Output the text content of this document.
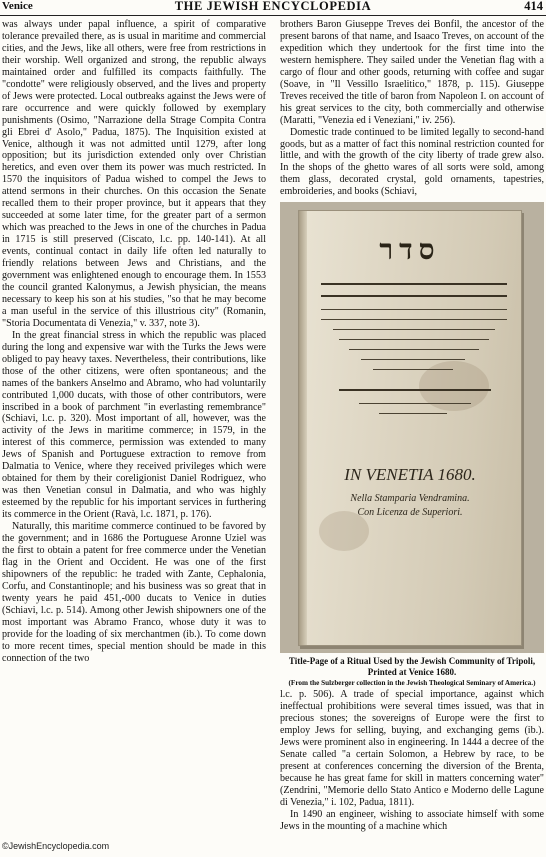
Venice	THE JEWISH ENCYCLOPEDIA	414

was always under papal influence, a spirit of comparative tolerance prevailed there, as is usual in maritime and commercial cities, and the Jews, like all others, were free from restrictions in their worship. Well organized and strong, the republic always maintained order and fulfilled its compacts faithfully. The "condotte" were religiously observed, and the lives and property of Jews were protected. Local outbreaks against the Jews were of rare occurrence and were quickly followed by exemplary punishments (Osimo, "Narrazione della Strage Compita Contra gli Ebrei d' Asolo," Padua, 1875). The Inquisition existed at Venice, although it was not admitted until 1279, after long opposition; but its jurisdiction extended only over Christian heretics, and even over them its power was much restricted. In 1570 the inquisitors of Padua wished to compel the Jews to attend sermons in their churches. On this occasion the Senate recalled them to their proper province, but it appears that they succeeded at some later time, for the greater part of a sermon which was preached to the Jews in one of the churches in Padua in 1715 is still preserved (Ciscato, l.c. pp. 140-141). At all events, continual contact in daily life often led naturally to friendly relations between Jews and Christians, and the government was enlightened enough to encourage them. In 1553 the council granted Kalonymus, a Jewish physician, the means necessary to keep his son at his studies, "so that he may become a man useful in the service of this illustrious city" (Romanin, "Storia Documentata di Venezia," v. 337, note 3).

In the great financial stress in which the republic was placed during the long and expensive war with the Turks the Jews were obliged to pay heavy taxes. Nevertheless, their contributions, like those of the other citizens, were often spontaneous; and the names of the bankers Anselmo and Abramo, who had voluntarily contributed 1,000 ducats, with those of other contributors, were inscribed in a book of parchment "in everlasting remembrance" (Schiavi, l.c. p. 320). Most important of all, however, was the activity of the Jews in maritime commerce; in 1579, in the interest of this commerce, permission was extended to many Jews of Spanish and Portuguese extraction to remove from Dalmatia to Venice, where they received privileges which were obtained for them by their coreligionist Daniel Rodriguez, who was then Venetian consul in Dalmatia, and who was highly esteemed by the republic for his important services in furthering its commerce in the Orient (Ravà, l.c. 1871, p. 176).

Naturally, this maritime commerce continued to be favored by the government; and in 1686 the Portuguese Aronne Uziel was the first to obtain a patent for free commerce under the Venetian flag in the Orient and Occident. He was one of the first shipowners of the republic: he traded with Zante, Cephalonia, Corfu, and Constantinople; and his business was so great that in twenty years he paid 451,-000 ducats to Venice in duties (Schiavi, l.c. p. 514). Among other Jewish shipowners one of the most important was Abramo Franco, whose duty it was to provide for the loading of six merchantmen (ib.). To come down to more recent times, special mention should be made in this connection of the two

brothers Baron Giuseppe Treves dei Bonfil, the ancestor of the present barons of that name, and Isaaco Treves, on account of the expedition which they undertook for the first time into the western hemisphere. They sailed under the Venetian flag with a cargo of flour and other goods, returning with coffee and sugar (Soave, in "Il Vessillo Israelitico," 1878, p. 115). Giuseppe Treves received the title of baron from Napoleon I. on account of his great services to the city, both commercially and otherwise (Maratti, "Venezia ed i Veneziani," iv. 256).

Domestic trade continued to be limited legally to second-hand goods, but as a matter of fact this nominal restriction counted for little, and with the growth of the city liberty of trade grew also. In the shops of the ghetto wares of all sorts were sold, among them glass, decorated crystal, gold ornaments, tapestries, embroideries, and books (Schiavi,

סדר
IN VENETIA 1680.
Nella Stamparia Vendramina.
Con Licenza de Superiori.
Title-Page of a Ritual Used by the Jewish Community of Tripoli, Printed at Venice 1680.
(From the Sulzberger collection in the Jewish Theological Seminary of America.)

l.c. p. 506). A trade of special importance, against which ineffectual prohibitions were several times issued, was that in precious stones; the sovereigns of Europe were the first to employ Jews for selling, buying, and exchanging gems (ib.). Jews were prominent also in engineering. In 1444 a decree of the Senate called "a certain Solomon, a Hebrew by race, to be present at conferences concerning the diversion of the Brenta, because he has great fame for skill in matters concerning water" (Zendrini, "Memorie dello Stato Antico e Moderno delle Lagune di Venezia," i. 102, Padua, 1811).

In 1490 an engineer, wishing to associate himself with some Jews in the mounting of a machine which

©JewishEncyclopedia.com
